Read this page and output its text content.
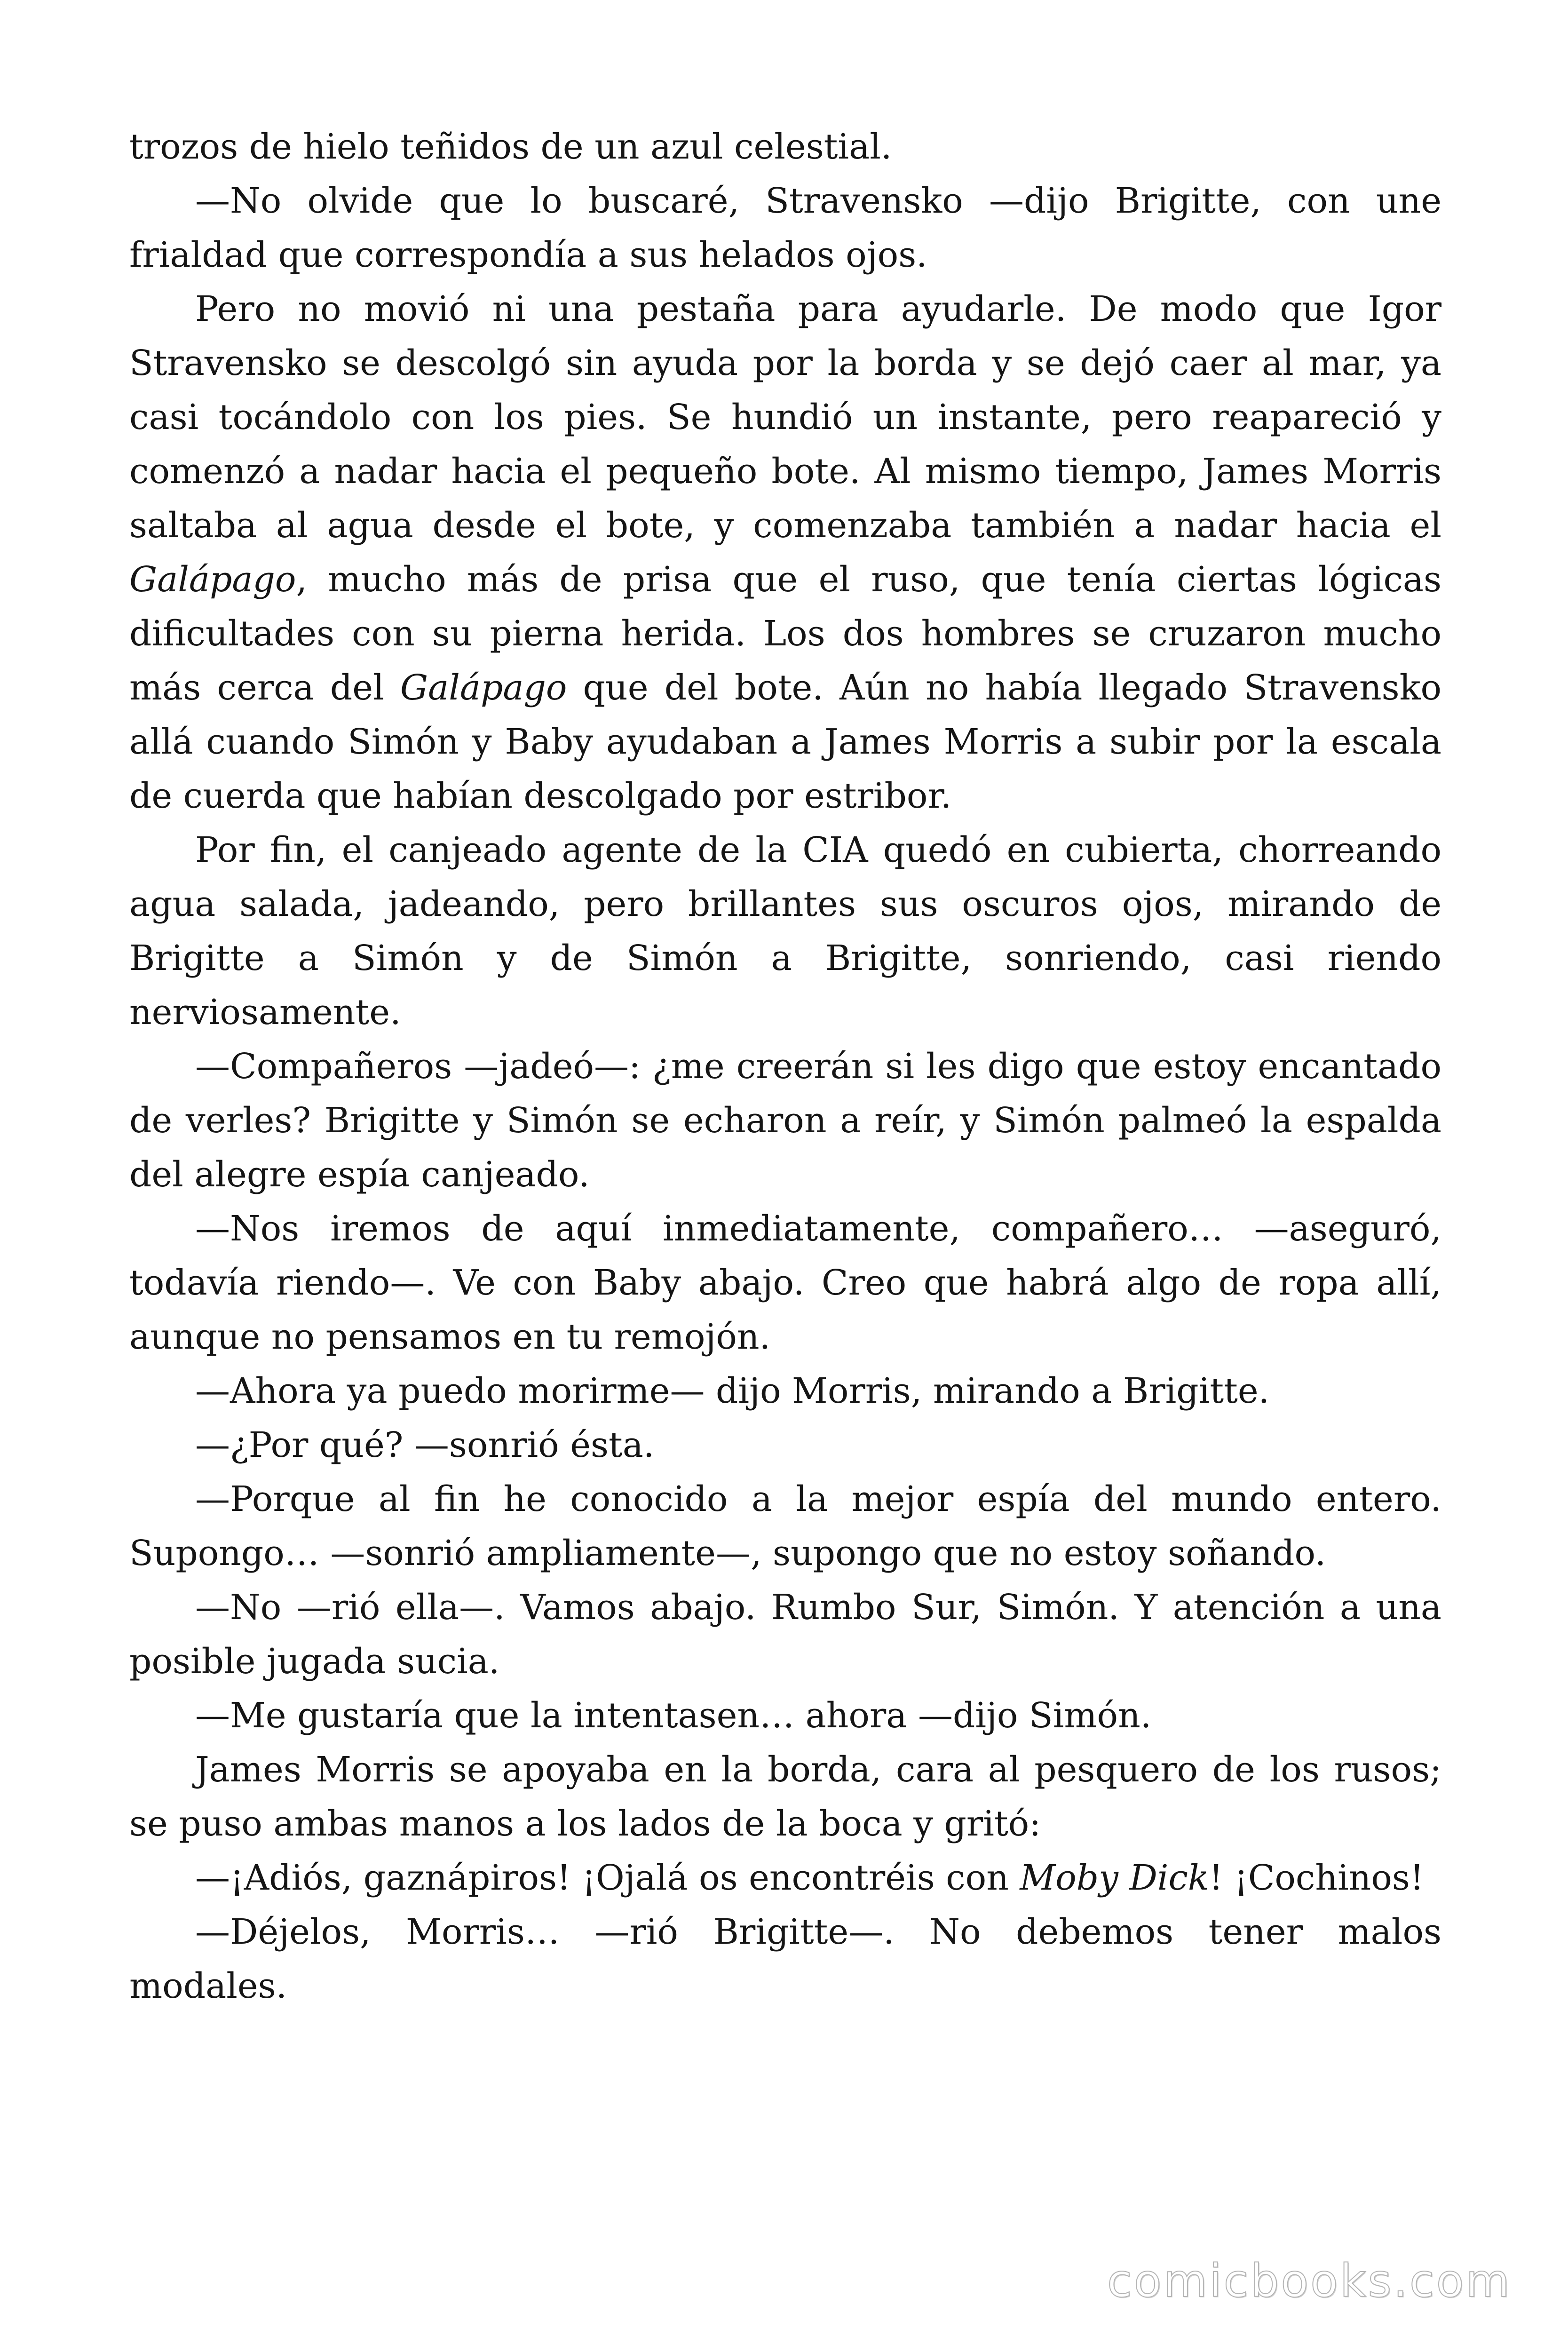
trozos de hielo teñidos de un azul celestial.

—No olvide que lo buscaré, Stravensko —dijo Brigitte, con une frialdad que correspondía a sus helados ojos.

Pero no movió ni una pestaña para ayudarle. De modo que Igor Stravensko se descolgó sin ayuda por la borda y se dejó caer al mar, ya casi tocándolo con los pies. Se hundió un instante, pero reapareció y comenzó a nadar hacia el pequeño bote. Al mismo tiempo, James Morris saltaba al agua desde el bote, y comenzaba también a nadar hacia el Galápago, mucho más de prisa que el ruso, que tenía ciertas lógicas dificultades con su pierna herida. Los dos hombres se cruzaron mucho más cerca del Galápago que del bote. Aún no había llegado Stravensko allá cuando Simón y Baby ayudaban a James Morris a subir por la escala de cuerda que habían descolgado por estribor.

Por fin, el canjeado agente de la CIA quedó en cubierta, chorreando agua salada, jadeando, pero brillantes sus oscuros ojos, mirando de Brigitte a Simón y de Simón a Brigitte, sonriendo, casi riendo nerviosamente.

—Compañeros —jadeó—: ¿me creerán si les digo que estoy encantado de verles? Brigitte y Simón se echaron a reír, y Simón palmeó la espalda del alegre espía canjeado.

—Nos iremos de aquí inmediatamente, compañero… —aseguró, todavía riendo—. Ve con Baby abajo. Creo que habrá algo de ropa allí, aunque no pensamos en tu remojón.

—Ahora ya puedo morirme— dijo Morris, mirando a Brigitte.

—¿Por qué? —sonrió ésta.

—Porque al fin he conocido a la mejor espía del mundo entero. Supongo… —sonrió ampliamente—, supongo que no estoy soñando.

—No —rió ella—. Vamos abajo. Rumbo Sur, Simón. Y atención a una posible jugada sucia.

—Me gustaría que la intentasen… ahora —dijo Simón.

James Morris se apoyaba en la borda, cara al pesquero de los rusos; se puso ambas manos a los lados de la boca y gritó:

—¡Adiós, gaznápiros! ¡Ojalá os encontréis con Moby Dick! ¡Cochinos!

—Déjelos, Morris… —rió Brigitte—. No debemos tener malos modales.

comicbooks.com
